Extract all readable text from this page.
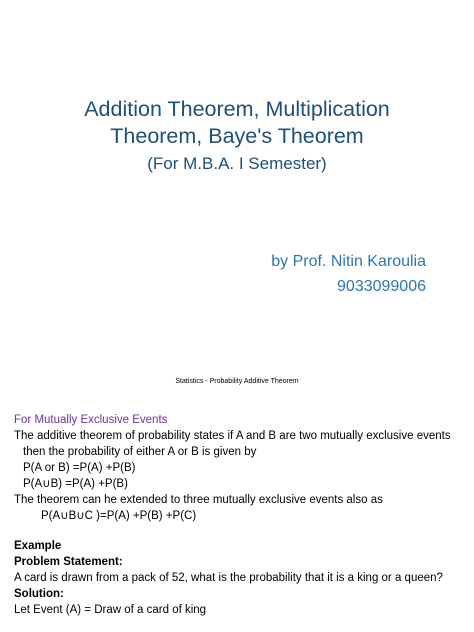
Addition Theorem, Multiplication
Theorem, Baye's Theorem
(For M.B.A. I Semester)
by Prof. Nitin Karoulia
9033099006
Statistics - Probability Additive Theorem
For Mutually Exclusive Events
The additive theorem of probability states if A and B are two mutually exclusive events
then the probability of either A or B is given by
P(A or B) =P(A) +P(B)
P(A∪B) =P(A) +P(B)
The theorem can he extended to three mutually exclusive events also as
P(A∪B∪C )=P(A) +P(B) +P(C)
Example
Problem Statement:
A card is drawn from a pack of 52, what is the probability that it is a king or a queen?
Solution:
Let Event (A) = Draw of a card of king
